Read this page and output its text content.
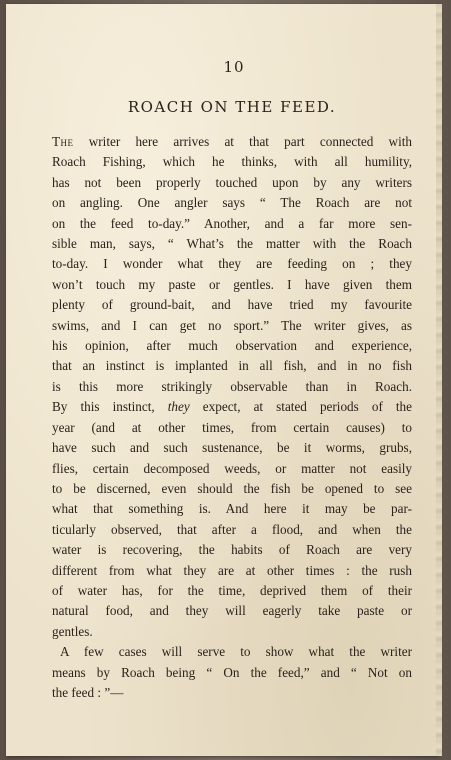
10
ROACH ON THE FEED.

The writer here arrives at that part connected with
Roach Fishing, which he thinks, with all humility,
has not been properly touched upon by any writers
on angling. One angler says “ The Roach are not
on the feed to-day.” Another, and a far more sen-
sible man, says, “ What’s the matter with the Roach
to-day. I wonder what they are feeding on ; they
won’t touch my paste or gentles. I have given them
plenty of ground-bait, and have tried my favourite
swims, and I can get no sport.” The writer gives, as
his opinion, after much observation and experience,
that an instinct is implanted in all fish, and in no fish
is this more strikingly observable than in Roach.
By this instinct, they expect, at stated periods of the
year (and at other times, from certain causes) to
have such and such sustenance, be it worms, grubs,
flies, certain decomposed weeds, or matter not easily
to be discerned, even should the fish be opened to see
what that something is. And here it may be par-
ticularly observed, that after a flood, and when the
water is recovering, the habits of Roach are very
different from what they are at other times : the rush
of water has, for the time, deprived them of their
natural food, and they will eagerly take paste or
gentles.

A few cases will serve to show what the writer
means by Roach being “ On the feed,” and “ Not on
the feed : ”—
